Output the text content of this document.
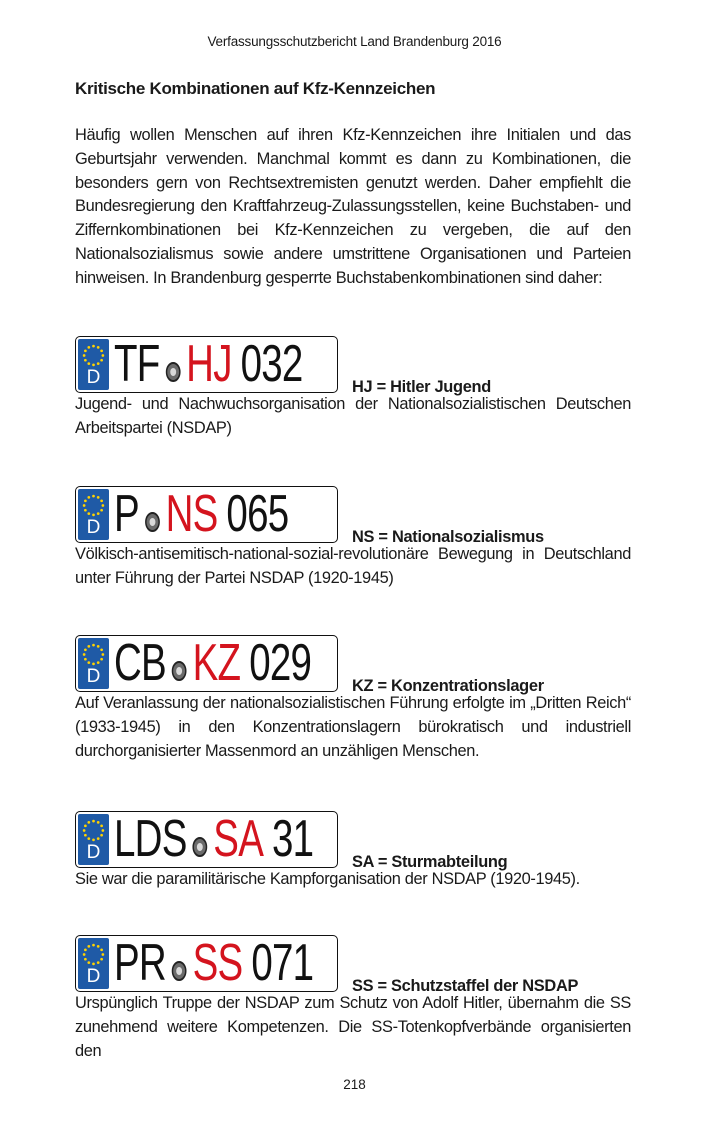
Verfassungsschutzbericht Land Brandenburg 2016
Kritische Kombinationen auf Kfz-Kennzeichen

Häufig wollen Menschen auf ihren Kfz-Kennzeichen ihre Initialen und das Geburtsjahr verwenden. Manchmal kommt es dann zu Kombinationen, die besonders gern von Rechtsextremisten genutzt werden. Daher empfiehlt die Bundesregierung den Kraftfahrzeug-Zulassungsstellen, keine Buchstaben- und Ziffernkombinationen bei Kfz-Kennzeichen zu vergeben, die auf den Nationalsozialismus sowie andere umstrittene Organisationen und Parteien hinweisen. In Brandenburg gesperrte Buchstabenkombinationen sind daher:

D TF HJ 032	HJ = Hitler Jugend

Jugend- und Nachwuchsorganisation der Nationalsozialistischen Deutschen Arbeitspartei (NSDAP)

D P NS 065	NS = Nationalsozialismus

Völkisch-antisemitisch-national-sozial-revolutionäre Bewegung in Deutschland unter Führung der Partei NSDAP (1920-1945)

D CB KZ 029 KZ = Konzentrationslager

Auf Veranlassung der nationalsozialistischen Führung erfolgte im „Dritten Reich“ (1933-1945) in den Konzentrationslagern bürokratisch und industriell durchorganisierter Massenmord an unzähligen Menschen.

D LDS SA 31 SA = Sturmabteilung

Sie war die paramilitärische Kampforganisation der NSDAP (1920-1945).

D PR SS 071 SS = Schutzstaffel der NSDAP

Urspünglich Truppe der NSDAP zum Schutz von Adolf Hitler, übernahm die SS zunehmend weitere Kompetenzen. Die SS-Totenkopfverbände organisierten den

218
